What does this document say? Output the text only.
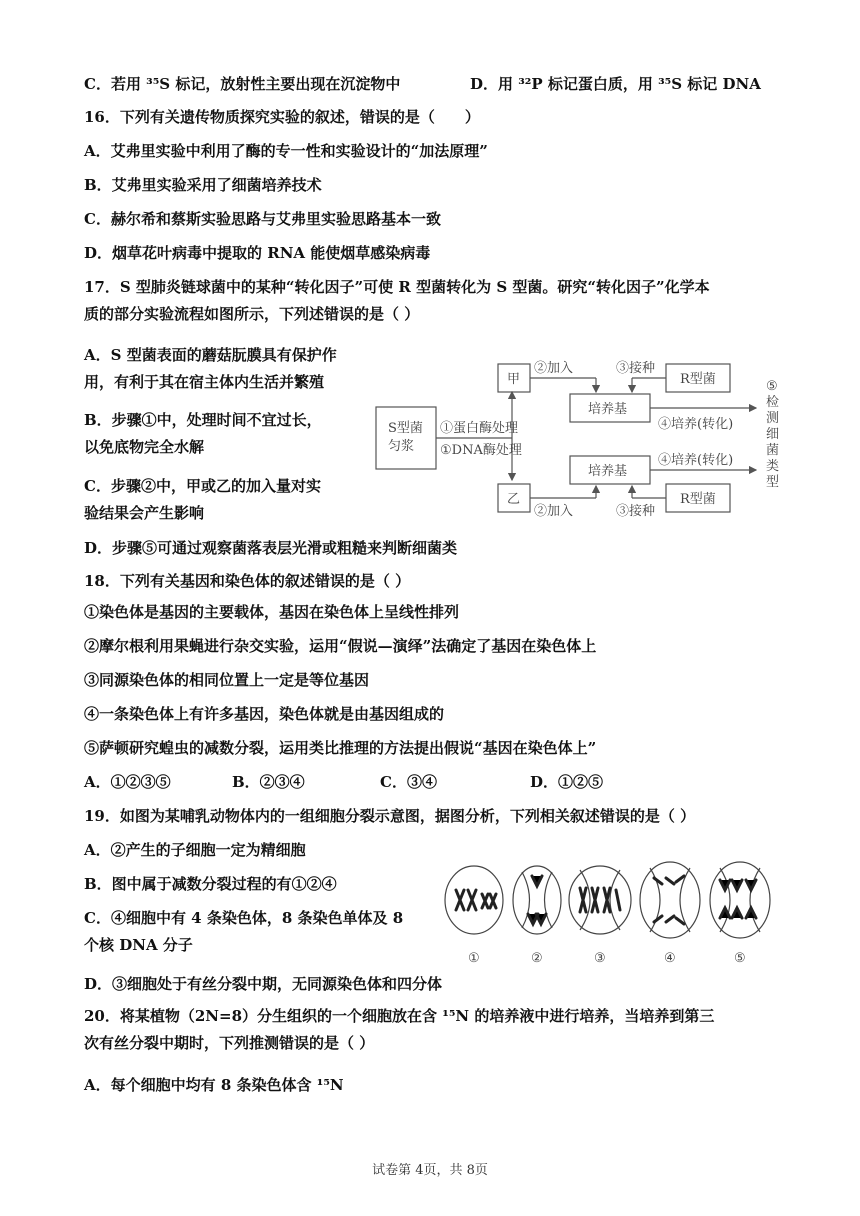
C．若用 ³⁵S 标记，放射性主要出现在沉淀物中	D．用 ³²P 标记蛋白质，用 ³⁵S 标记 DNA
16．下列有关遗传物质探究实验的叙述，错误的是（　　）
A．艾弗里实验中利用了酶的专一性和实验设计的“加法原理”
B．艾弗里实验采用了细菌培养技术
C．赫尔希和蔡斯实验思路与艾弗里实验思路基本一致
D．烟草花叶病毒中提取的 RNA 能使烟草感染病毒
17．S 型肺炎链球菌中的某种“转化因子”可使 R 型菌转化为 S 型菌。研究“转化因子”化学本
质的部分实验流程如图所示，下列述错误的是（ ）
A．S 型菌表面的蘑菇朊膜具有保护作
用，有利于其在宿主体内生活并繁殖
B．步骤①中，处理时间不宜过长，
以免底物完全水解
C．步骤②中，甲或乙的加入量对实
验结果会产生影响
D．步骤⑤可通过观察菌落表层光滑或粗糙来判断细菌类
S型菌
匀浆
①蛋白酶处理
①DNA酶处理
甲
乙
②加入
②加入
③接种
③接种
R型菌
R型菌
培养基
培养基
④培养(转化)
④培养(转化)
⑤
检
测
细
菌
类
型
18．下列有关基因和染色体的叙述错误的是（ ）
①染色体是基因的主要载体，基因在染色体上呈线性排列
②摩尔根利用果蝇进行杂交实验，运用“假说—演绎”法确定了基因在染色体上
③同源染色体的相同位置上一定是等位基因
④一条染色体上有许多基因，染色体就是由基因组成的
⑤萨顿研究蝗虫的减数分裂，运用类比推理的方法提出假说“基因在染色体上”
A．①②③⑤	B．②③④	C．③④	D．①②⑤
19．如图为某哺乳动物体内的一组细胞分裂示意图，据图分析，下列相关叙述错误的是（ ）
A．②产生的子细胞一定为精细胞
B．图中属于减数分裂过程的有①②④
C．④细胞中有 4 条染色体，8 条染色单体及 8
个核 DNA 分子
D．③细胞处于有丝分裂中期，无同源染色体和四分体
①	②	③	④	⑤
20．将某植物（2N=8）分生组织的一个细胞放在含 ¹⁵N 的培养液中进行培养，当培养到第三
次有丝分裂中期时，下列推测错误的是（ ）
A．每个细胞中均有 8 条染色体含 ¹⁵N
试卷第 4页，共 8页
